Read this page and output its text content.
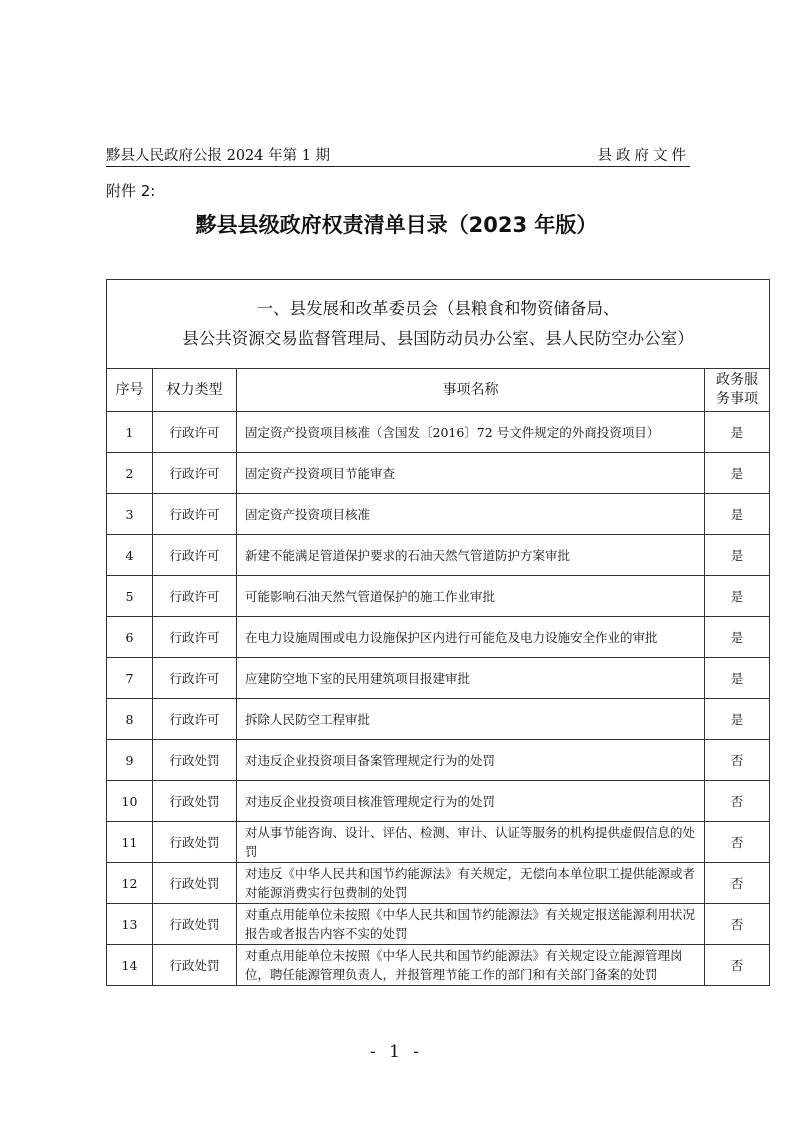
黟县人民政府公报 2024 年第 1 期	县政府文件
附件 2:
黟县县级政府权责清单目录（2023 年版）
一、县发展和改革委员会（县粮食和物资储备局、
县公共资源交易监督管理局、县国防动员办公室、县人民防空办公室）			

序号	权力类型	事项名称	政务服务事项

1	行政许可	固定资产投资项目核准（含国发〔2016〕72 号文件规定的外商投资项目）	是
2	行政许可	固定资产投资项目节能审查	是
3	行政许可	固定资产投资项目核准	是
4	行政许可	新建不能满足管道保护要求的石油天然气管道防护方案审批	是
5	行政许可	可能影响石油天然气管道保护的施工作业审批	是
6	行政许可	在电力设施周围或电力设施保护区内进行可能危及电力设施安全作业的审批	是
7	行政许可	应建防空地下室的民用建筑项目报建审批	是
8	行政许可	拆除人民防空工程审批	是
9	行政处罚	对违反企业投资项目备案管理规定行为的处罚	否
10	行政处罚	对违反企业投资项目核准管理规定行为的处罚	否
11	行政处罚	对从事节能咨询、设计、评估、检测、审计、认证等服务的机构提供虚假信息的处罚	否
12	行政处罚	对违反《中华人民共和国节约能源法》有关规定，无偿向本单位职工提供能源或者对能源消费实行包费制的处罚	否
13	行政处罚	对重点用能单位未按照《中华人民共和国节约能源法》有关规定报送能源利用状况报告或者报告内容不实的处罚	否
14	行政处罚	对重点用能单位未按照《中华人民共和国节约能源法》有关规定设立能源管理岗位，聘任能源管理负责人，并报管理节能工作的部门和有关部门备案的处罚	否
- 1 -
